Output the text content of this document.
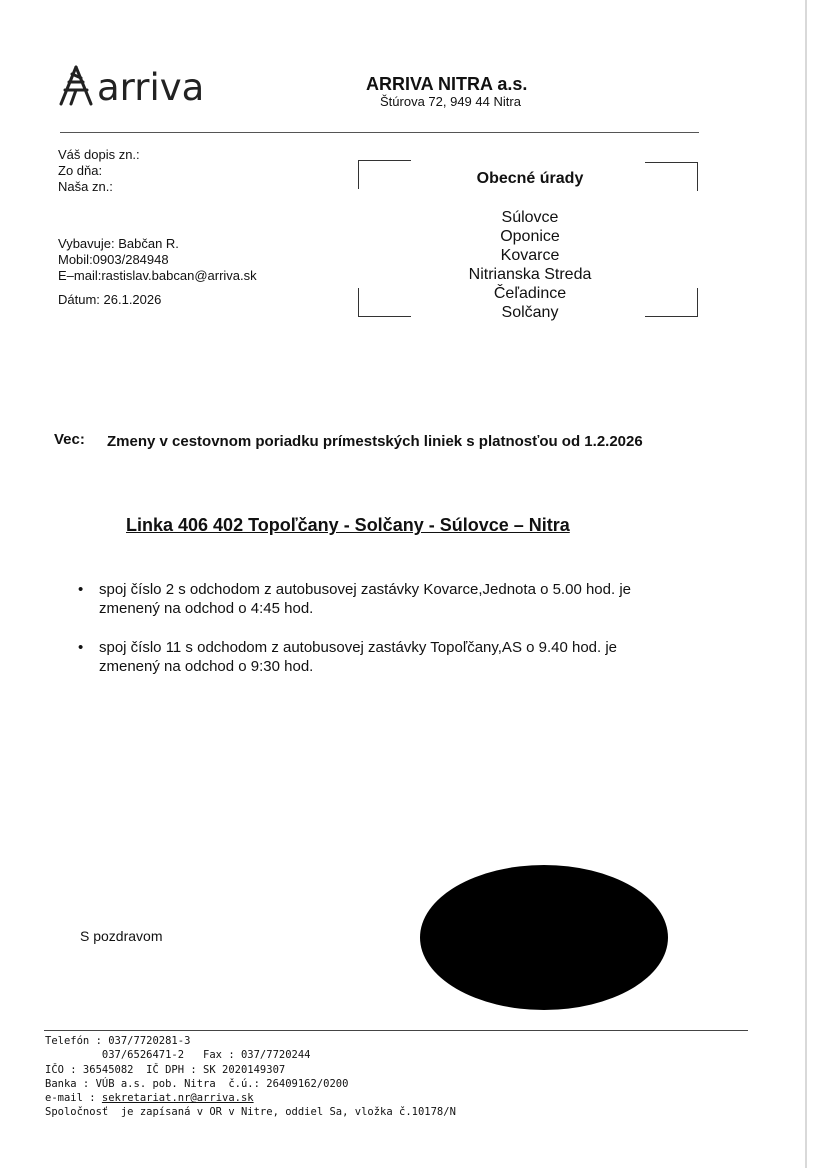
arriva	ARRIVA NITRA a.s.
Štúrova 72, 949 44 Nitra
Váš dopis zn.:
Zo dňa:
Naša zn.:
Vybavuje: Babčan R.
Mobil:0903/284948
E–mail:rastislav.babcan@arriva.sk
Dátum: 26.1.2026
Obecné úrady
Súlovce
Oponice
Kovarce
Nitrianska Streda
Čeľadince
Solčany
Vec: Zmeny v cestovnom poriadku prímestských liniek s platnosťou od 1.2.2026
Linka 406 402 Topoľčany - Solčany - Súlovce – Nitra
• spoj číslo 2 s odchodom z autobusovej zastávky Kovarce,Jednota o 5.00 hod. je
zmenený na odchod o 4:45 hod.
• spoj číslo 11 s odchodom z autobusovej zastávky Topoľčany,AS o 9.40 hod. je
zmenený na odchod o 9:30 hod.
S pozdravom
Telefón : 037/7720281-3
037/6526471-2   Fax : 037/7720244
IČO : 36545082  IČ DPH : SK 2020149307
Banka : VÚB a.s. pob. Nitra  č.ú.: 26409162/0200
e-mail : sekretariat.nr@arriva.sk
Spoločnosť  je zapísaná v OR v Nitre, oddiel Sa, vložka č.10178/N
